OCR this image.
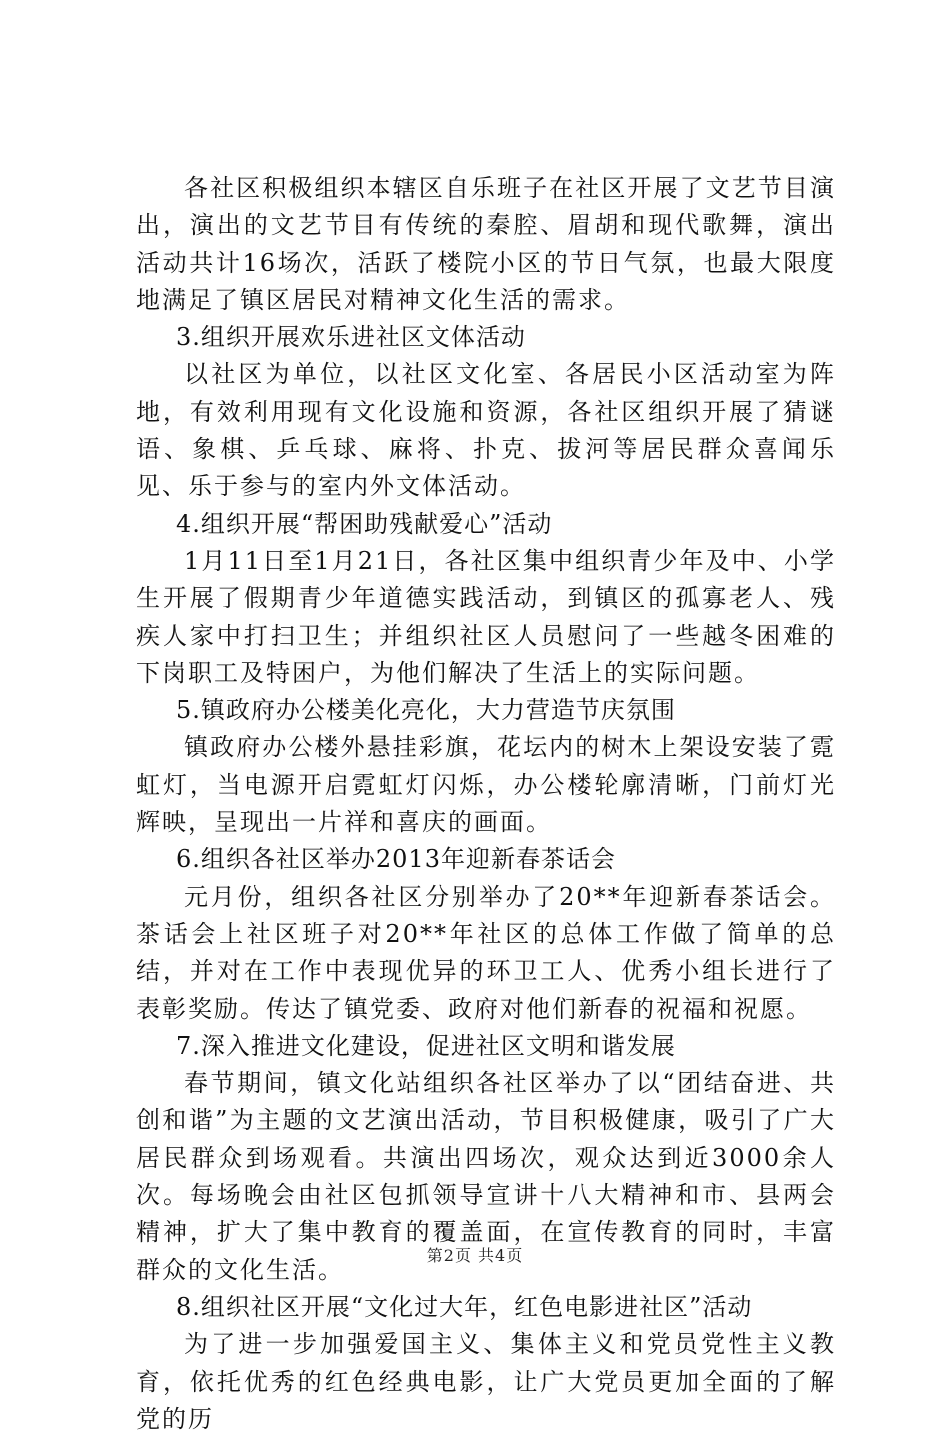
各社区积极组织本辖区自乐班子在社区开展了文艺节目演出，演出的文艺节目有传统的秦腔、眉胡和现代歌舞，演出活动共计16场次，活跃了楼院小区的节日气氛，也最大限度地满足了镇区居民对精神文化生活的需求。

3.组织开展欢乐进社区文体活动

以社区为单位，以社区文化室、各居民小区活动室为阵地，有效利用现有文化设施和资源，各社区组织开展了猜谜语、象棋、乒乓球、麻将、扑克、拔河等居民群众喜闻乐见、乐于参与的室内外文体活动。

4.组织开展“帮困助残献爱心”活动

1月11日至1月21日，各社区集中组织青少年及中、小学生开展了假期青少年道德实践活动，到镇区的孤寡老人、残疾人家中打扫卫生；并组织社区人员慰问了一些越冬困难的下岗职工及特困户，为他们解决了生活上的实际问题。

5.镇政府办公楼美化亮化，大力营造节庆氛围

镇政府办公楼外悬挂彩旗，花坛内的树木上架设安装了霓虹灯，当电源开启霓虹灯闪烁，办公楼轮廓清晰，门前灯光辉映，呈现出一片祥和喜庆的画面。

6.组织各社区举办2013年迎新春茶话会

元月份，组织各社区分别举办了20**年迎新春茶话会。茶话会上社区班子对20**年社区的总体工作做了简单的总结，并对在工作中表现优异的环卫工人、优秀小组长进行了表彰奖励。传达了镇党委、政府对他们新春的祝福和祝愿。

7.深入推进文化建设，促进社区文明和谐发展

春节期间，镇文化站组织各社区举办了以“团结奋进、共创和谐”为主题的文艺演出活动，节目积极健康，吸引了广大居民群众到场观看。共演出四场次，观众达到近3000余人次。每场晚会由社区包抓领导宣讲十八大精神和市、县两会精神，扩大了集中教育的覆盖面，在宣传教育的同时，丰富群众的文化生活。

8.组织社区开展“文化过大年，红色电影进社区”活动

为了进一步加强爱国主义、集体主义和党员党性主义教育，依托优秀的红色经典电影，让广大党员更加全面的了解党的历

第2页 共4页
